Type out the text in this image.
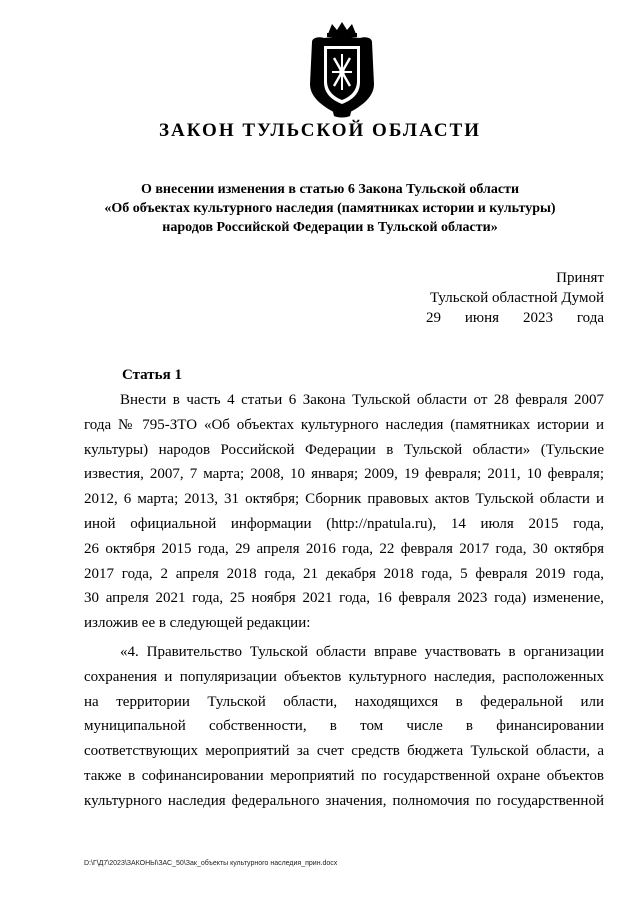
ЗАКОН ТУЛЬСКОЙ ОБЛАСТИ
О внесении изменения в статью 6 Закона Тульской области
«Об объектах культурного наследия (памятниках истории и культуры)
народов Российской Федерации в Тульской области»
Принят
Тульской областной Думой
29 июня 2023 года
Статья 1
Внести в часть 4 статьи 6 Закона Тульской области от 28 февраля 2007
года № 795-ЗТО «Об объектах культурного наследия (памятниках истории и
культуры) народов Российской Федерации в Тульской области» (Тульские
известия, 2007, 7 марта; 2008, 10 января; 2009, 19 февраля; 2011, 10 февраля;
2012, 6 марта; 2013, 31 октября; Сборник правовых актов Тульской области и
иной официальной информации (http://npatula.ru), 14 июля 2015 года,
26 октября 2015 года, 29 апреля 2016 года, 22 февраля 2017 года, 30 октября
2017 года, 2 апреля 2018 года, 21 декабря 2018 года, 5 февраля 2019 года,
30 апреля 2021 года, 25 ноября 2021 года, 16 февраля 2023 года) изменение,
изложив ее в следующей редакции:
«4. Правительство Тульской области вправе участвовать в организации
сохранения и популяризации объектов культурного наследия, расположенных
на территории Тульской области, находящихся в федеральной или
муниципальной собственности, в том числе в финансировании
соответствующих мероприятий за счет средств бюджета Тульской области, а
также в софинансировании мероприятий по государственной охране объектов
культурного наследия федерального значения, полномочия по государственной
D:\Г\Д7\2023\ЗАКОНЫ\ЗАС_50\Зак_объекты культурного наследия_прин.docx
